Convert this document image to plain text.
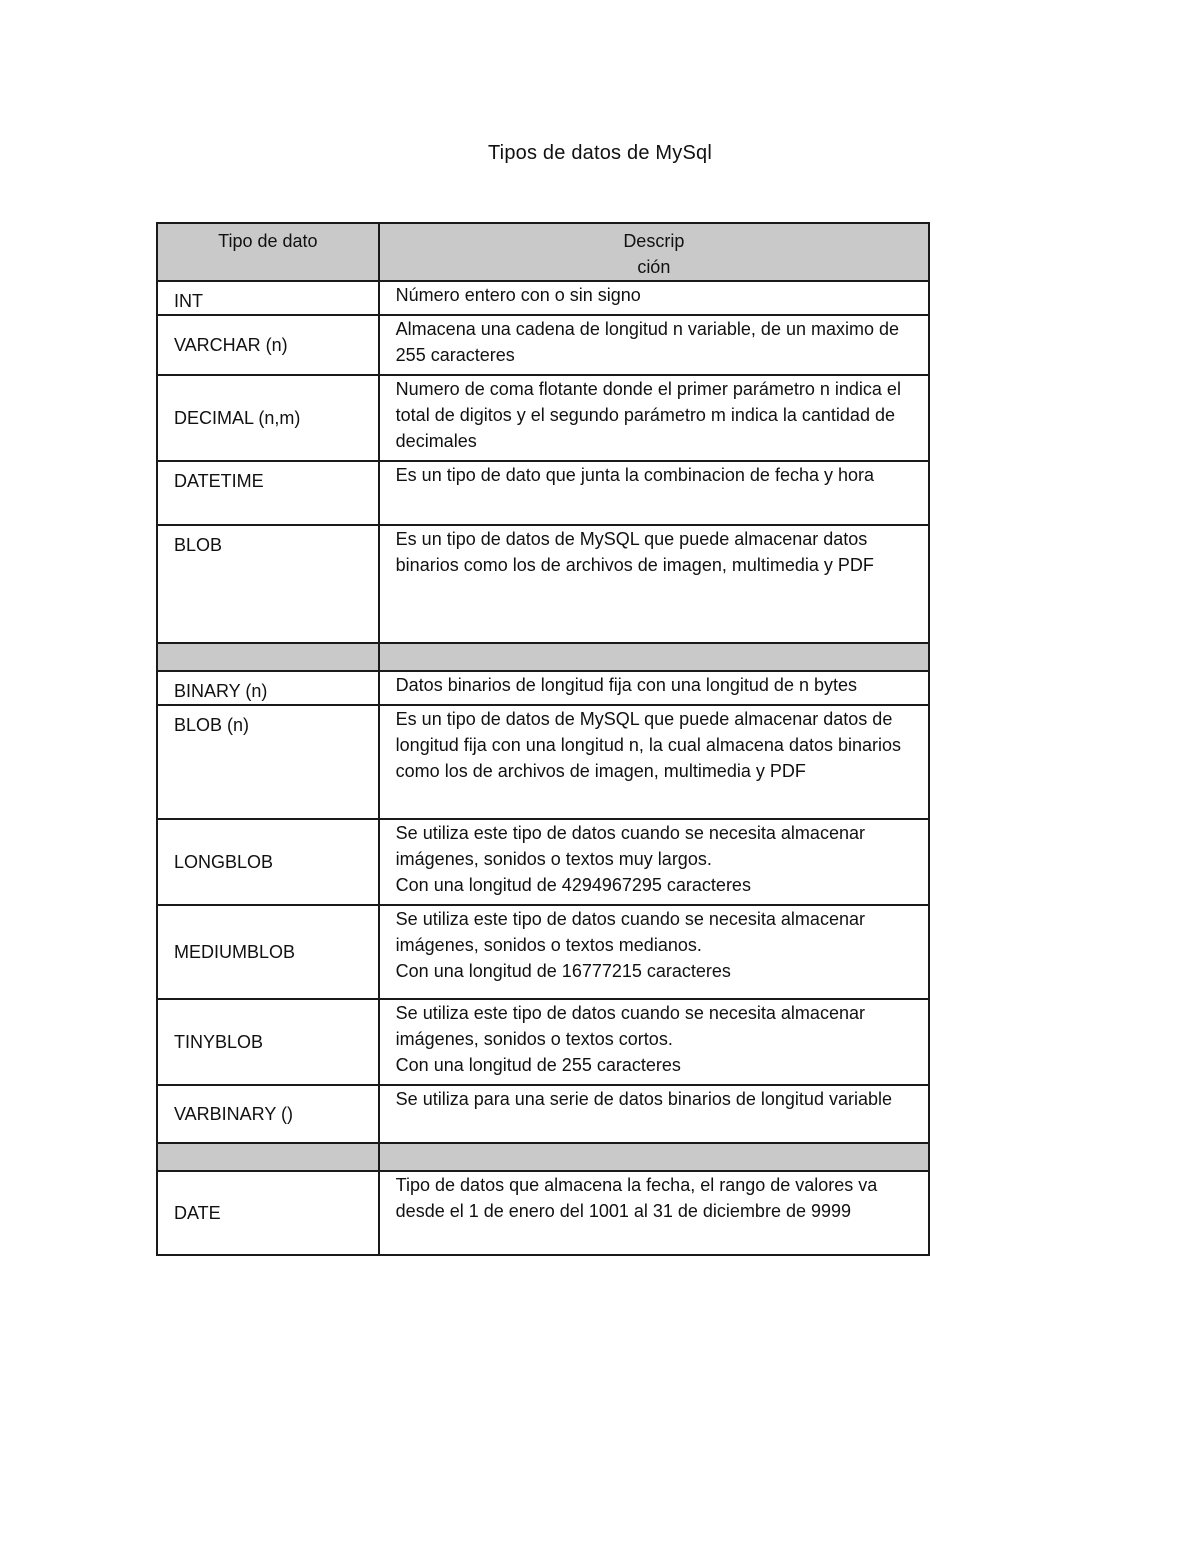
Tipos de datos de MySql
Tipo de dato	Descripción
INT	Número entero con o sin signo

VARCHAR (n)	Almacena una cadena de longitud n variable, de un maximo de 255 caracteres

DECIMAL (n,m)	Numero de coma flotante donde el primer parámetro n indica el total de digitos y el segundo parámetro m indica la cantidad de decimales

DATETIME	Es un tipo de dato que junta la combinacion de fecha y hora

BLOB	Es un tipo de datos de MySQL que puede almacenar datos binarios como los de archivos de imagen, multimedia y PDF

BINARY (n)	Datos binarios de longitud fija con una longitud de n bytes

BLOB (n)	Es un tipo de datos de MySQL que puede almacenar datos de longitud fija con una longitud n, la cual almacena datos binarios como los de archivos de imagen, multimedia y PDF

LONGBLOB	Se utiliza este tipo de datos cuando se necesita almacenar imágenes, sonidos o textos muy largos.
Con una longitud de 4294967295 caracteres

MEDIUMBLOB	Se utiliza este tipo de datos cuando se necesita almacenar imágenes, sonidos o textos medianos.
Con una longitud de 16777215 caracteres

TINYBLOB	Se utiliza este tipo de datos cuando se necesita almacenar imágenes, sonidos o textos cortos.
Con una longitud de 255 caracteres

VARBINARY ()	Se utiliza para una serie de datos binarios de longitud variable

DATE	Tipo de datos que almacena la fecha, el rango de valores va desde el 1 de enero del 1001 al 31 de diciembre de 9999
